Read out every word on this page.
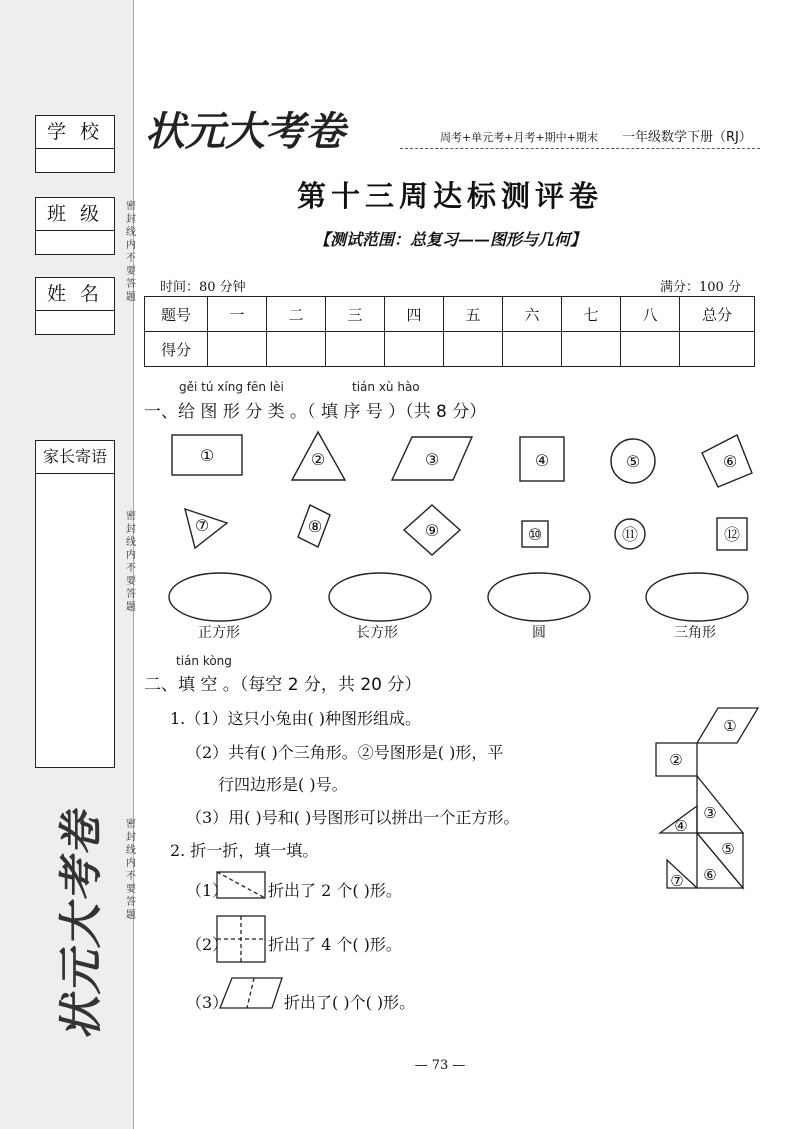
学 校
班 级
姓 名
家长寄语
密封线内不要答题
密封线内不要答题
密封线内不要答题
状元大考卷
状元大考卷	周考+单元考+月考+期中+期末 一年级数学下册（RJ）
第十三周达标测评卷
【测试范围：总复习——图形与几何】
时间：80 分钟	满分：100 分
题号	一	二	三	四	五	六	七	八	总分
得分									
gěi tú xíng fēn lèi	tián xù hào
一、给 图 形 分 类 。（ 填 序 号 ）（共 8 分）
①	②	③	④	⑤	⑥
⑦	⑧	⑨	⑩	⑪	⑫
正方形	长方形	圆	三角形
tián kòng
二、填 空 。（每空 2 分，共 20 分）
1.（1）这只小兔由( )种图形组成。
（2）共有( )个三角形。②号图形是( )形，平
行四边形是( )号。
（3）用( )号和( )号图形可以拼出一个正方形。
2. 折一折，填一填。
（1） 折出了 2 个( )形。
（2） 折出了 4 个( )形。
（3）	折出了( )个( )形。
①
②
③
④
⑤
⑥
⑦
— 73 —
